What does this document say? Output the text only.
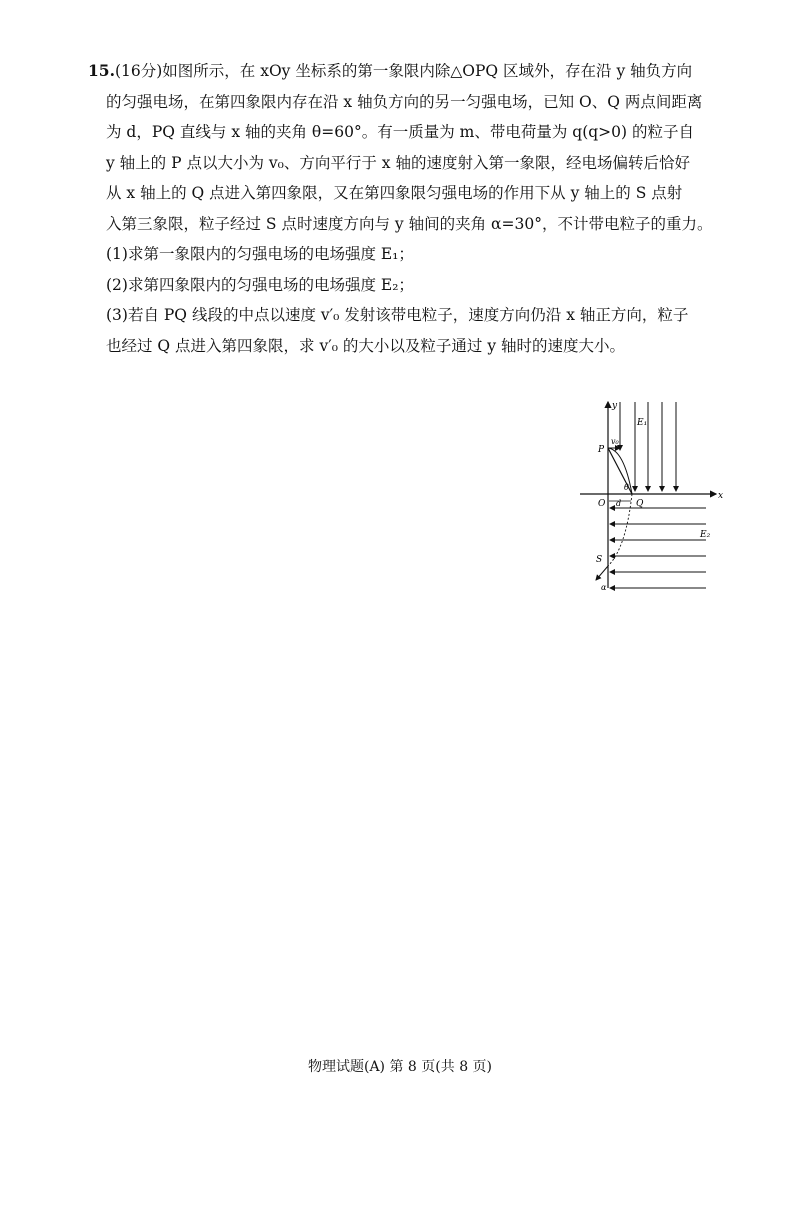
15.(16分)如图所示，在 xOy 坐标系的第一象限内除△OPQ 区域外，存在沿 y 轴负方向
的匀强电场，在第四象限内存在沿 x 轴负方向的另一匀强电场，已知 O、Q 两点间距离
为 d，PQ 直线与 x 轴的夹角 θ=60°。有一质量为 m、带电荷量为 q(q>0) 的粒子自
y 轴上的 P 点以大小为 v₀、方向平行于 x 轴的速度射入第一象限，经电场偏转后恰好
从 x 轴上的 Q 点进入第四象限，又在第四象限匀强电场的作用下从 y 轴上的 S 点射
入第三象限，粒子经过 S 点时速度方向与 y 轴间的夹角 α=30°，不计带电粒子的重力。
(1)求第一象限内的匀强电场的电场强度 E₁；
(2)求第四象限内的匀强电场的电场强度 E₂；
(3)若自 PQ 线段的中点以速度 v′₀ 发射该带电粒子，速度方向仍沿 x 轴正方向，粒子
也经过 Q 点进入第四象限，求 v′₀ 的大小以及粒子通过 y 轴时的速度大小。
x
y
E₁
P
O	Q
θ
v₀
d
E₂
S
α
物理试题(A) 第 8 页(共 8 页)
